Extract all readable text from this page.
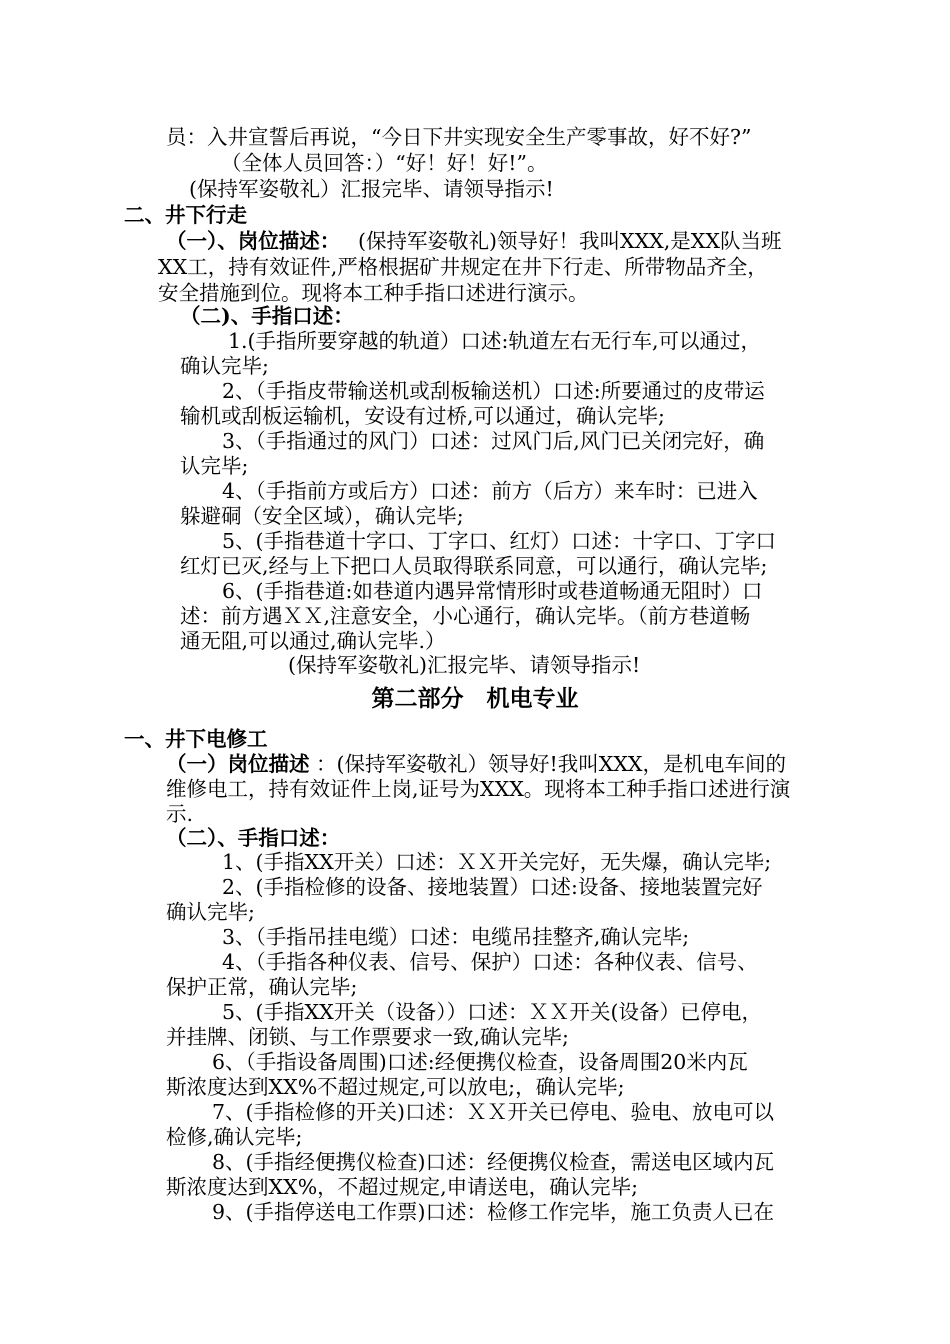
员：入井宣誓后再说，“今日下井实现安全生产零事故，好不好?”
（全体人员回答：）“好！好！好!”。
(保持军姿敬礼）汇报完毕、请领导指示!
二、井下行走
（一）、岗位描述： (保持军姿敬礼)领导好！我叫XXX,是XX队当班
XX工，持有效证件,严格根据矿井规定在井下行走、所带物品齐全，
安全措施到位。现将本工种手指口述进行演示。
（二)、手指口述：
1.(手指所要穿越的轨道）口述:轨道左右无行车,可以通过，
确认完毕;
2、（手指皮带输送机或刮板输送机）口述:所要通过的皮带运
输机或刮板运输机，安设有过桥,可以通过，确认完毕;
3、（手指通过的风门）口述：过风门后,风门已关闭完好，确
认完毕;
4、（手指前方或后方）口述：前方（后方）来车时：已进入
躲避硐（安全区域），确认完毕;
5、(手指巷道十字口、丁字口、红灯）口述：十字口、丁字口
红灯已灭,经与上下把口人员取得联系同意，可以通行，确认完毕;
6、(手指巷道:如巷道内遇异常情形时或巷道畅通无阻时）口
述：前方遇ＸＸ,注意安全，小心通行，确认完毕。（前方巷道畅
通无阻,可以通过,确认完毕.）
(保持军姿敬礼)汇报完毕、请领导指示!
第二部分　机电专业
一、井下电修工
（一）岗位描述 ：(保持军姿敬礼）领导好!我叫XXX，是机电车间的
维修电工，持有效证件上岗,证号为XXX。现将本工种手指口述进行演
示.
（二）、手指口述：
1、(手指XX开关）口述：ＸＸ开关完好，无失爆，确认完毕;
2、(手指检修的设备、接地装置）口述:设备、接地装置完好
确认完毕;
3、（手指吊挂电缆）口述：电缆吊挂整齐,确认完毕;
4、（手指各种仪表、信号、保护）口述：各种仪表、信号、
保护正常，确认完毕;
5、(手指XX开关（设备））口述：ＸＸ开关(设备）已停电，
并挂牌、闭锁、与工作票要求一致,确认完毕;
6、（手指设备周围)口述:经便携仪检查，设备周围20米内瓦
斯浓度达到XX%不超过规定,可以放电;，确认完毕;
7、(手指检修的开关)口述：ＸＸ开关已停电、验电、放电可以
检修,确认完毕;
8、(手指经便携仪检查)口述：经便携仪检查，需送电区域内瓦
斯浓度达到XX%，不超过规定,申请送电，确认完毕;
9、(手指停送电工作票)口述：检修工作完毕，施工负责人已在
